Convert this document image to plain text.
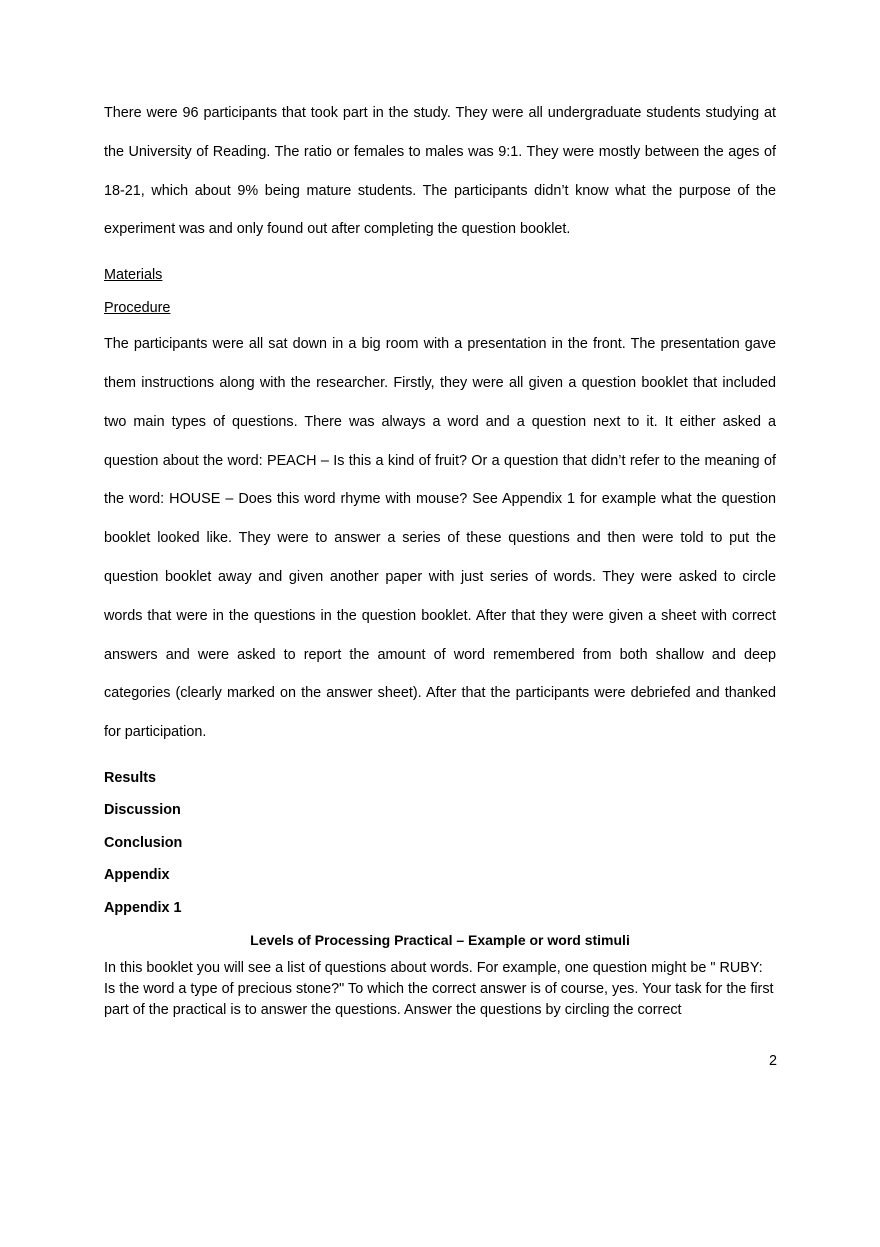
There were 96 participants that took part in the study. They were all undergraduate students studying at the University of Reading. The ratio or females to males was 9:1. They were mostly between the ages of 18-21, which about 9% being mature students. The participants didn’t know what the purpose of the experiment was and only found out after completing the question booklet.

Materials

Procedure

The participants were all sat down in a big room with a presentation in the front. The presentation gave them instructions along with the researcher. Firstly, they were all given a question booklet that included two main types of questions. There was always a word and a question next to it. It either asked a question about the word: PEACH – Is this a kind of fruit? Or a question that didn’t refer to the meaning of the word: HOUSE – Does this word rhyme with mouse? See Appendix 1 for example what the question booklet looked like. They were to answer a series of these questions and then were told to put the question booklet away and given another paper with just series of words. They were asked to circle words that were in the questions in the question booklet. After that they were given a sheet with correct answers and were asked to report the amount of word remembered from both shallow and deep categories (clearly marked on the answer sheet). After that the participants were debriefed and thanked for participation.

Results

Discussion

Conclusion

Appendix

Appendix 1

Levels of Processing Practical – Example or word stimuli

In this booklet you will see a list of questions about words. For example, one question might be " RUBY: Is the word a type of precious stone?" To which the correct answer is of course, yes. Your task for the first part of the practical is to answer the questions. Answer the questions by circling the correct

2
